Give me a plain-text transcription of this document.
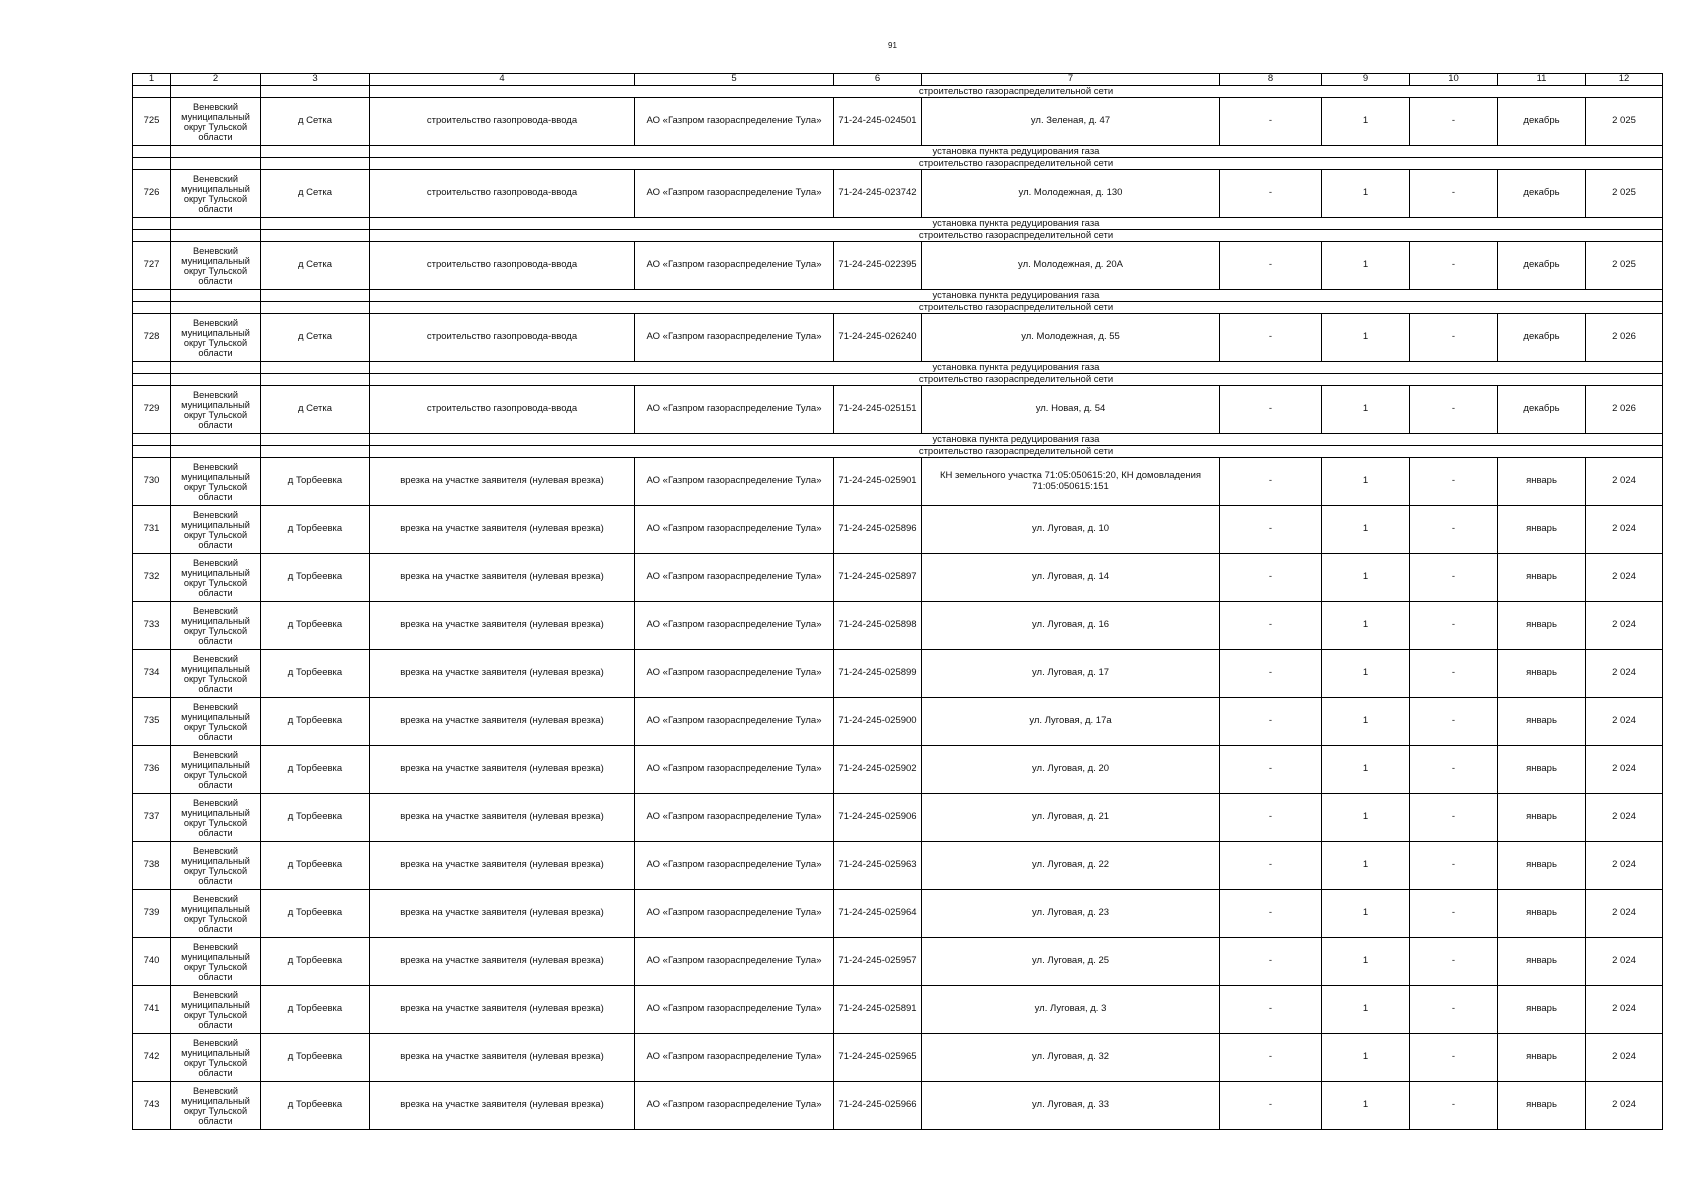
91
1	2	3	4	5	6	7	8	9	10	11	12
			строительство газораспределительной сети								
725	Веневский муниципальный округ Тульской области	д Сетка	строительство газопровода-ввода	АО «Газпром газораспределение Тула»	71-24-245-024501	ул. Зеленая, д. 47	-	1	-	декабрь	2 025
			установка пункта редуцирования газа								
			строительство газораспределительной сети								
726	Веневский муниципальный округ Тульской области	д Сетка	строительство газопровода-ввода	АО «Газпром газораспределение Тула»	71-24-245-023742	ул. Молодежная, д. 130	-	1	-	декабрь	2 025
			установка пункта редуцирования газа								
			строительство газораспределительной сети								
727	Веневский муниципальный округ Тульской области	д Сетка	строительство газопровода-ввода	АО «Газпром газораспределение Тула»	71-24-245-022395	ул. Молодежная, д. 20А	-	1	-	декабрь	2 025
			установка пункта редуцирования газа								
			строительство газораспределительной сети								
728	Веневский муниципальный округ Тульской области	д Сетка	строительство газопровода-ввода	АО «Газпром газораспределение Тула»	71-24-245-026240	ул. Молодежная, д. 55	-	1	-	декабрь	2 026
			установка пункта редуцирования газа								
			строительство газораспределительной сети								
729	Веневский муниципальный округ Тульской области	д Сетка	строительство газопровода-ввода	АО «Газпром газораспределение Тула»	71-24-245-025151	ул. Новая, д. 54	-	1	-	декабрь	2 026
			установка пункта редуцирования газа								
			строительство газораспределительной сети								
730	Веневский муниципальный округ Тульской области	д Торбеевка	врезка на участке заявителя (нулевая врезка)	АО «Газпром газораспределение Тула»	71-24-245-025901	КН земельного участка 71:05:050615:20, КН домовладения 71:05:050615:151	-	1	-	январь	2 024
731	Веневский муниципальный округ Тульской области	д Торбеевка	врезка на участке заявителя (нулевая врезка)	АО «Газпром газораспределение Тула»	71-24-245-025896	ул. Луговая, д. 10	-	1	-	январь	2 024
732	Веневский муниципальный округ Тульской области	д Торбеевка	врезка на участке заявителя (нулевая врезка)	АО «Газпром газораспределение Тула»	71-24-245-025897	ул. Луговая, д. 14	-	1	-	январь	2 024
733	Веневский муниципальный округ Тульской области	д Торбеевка	врезка на участке заявителя (нулевая врезка)	АО «Газпром газораспределение Тула»	71-24-245-025898	ул. Луговая, д. 16	-	1	-	январь	2 024
734	Веневский муниципальный округ Тульской области	д Торбеевка	врезка на участке заявителя (нулевая врезка)	АО «Газпром газораспределение Тула»	71-24-245-025899	ул. Луговая, д. 17	-	1	-	январь	2 024
735	Веневский муниципальный округ Тульской области	д Торбеевка	врезка на участке заявителя (нулевая врезка)	АО «Газпром газораспределение Тула»	71-24-245-025900	ул. Луговая, д. 17а	-	1	-	январь	2 024
736	Веневский муниципальный округ Тульской области	д Торбеевка	врезка на участке заявителя (нулевая врезка)	АО «Газпром газораспределение Тула»	71-24-245-025902	ул. Луговая, д. 20	-	1	-	январь	2 024
737	Веневский муниципальный округ Тульской области	д Торбеевка	врезка на участке заявителя (нулевая врезка)	АО «Газпром газораспределение Тула»	71-24-245-025906	ул. Луговая, д. 21	-	1	-	январь	2 024
738	Веневский муниципальный округ Тульской области	д Торбеевка	врезка на участке заявителя (нулевая врезка)	АО «Газпром газораспределение Тула»	71-24-245-025963	ул. Луговая, д. 22	-	1	-	январь	2 024
739	Веневский муниципальный округ Тульской области	д Торбеевка	врезка на участке заявителя (нулевая врезка)	АО «Газпром газораспределение Тула»	71-24-245-025964	ул. Луговая, д. 23	-	1	-	январь	2 024
740	Веневский муниципальный округ Тульской области	д Торбеевка	врезка на участке заявителя (нулевая врезка)	АО «Газпром газораспределение Тула»	71-24-245-025957	ул. Луговая, д. 25	-	1	-	январь	2 024
741	Веневский муниципальный округ Тульской области	д Торбеевка	врезка на участке заявителя (нулевая врезка)	АО «Газпром газораспределение Тула»	71-24-245-025891	ул. Луговая, д. 3	-	1	-	январь	2 024
742	Веневский муниципальный округ Тульской области	д Торбеевка	врезка на участке заявителя (нулевая врезка)	АО «Газпром газораспределение Тула»	71-24-245-025965	ул. Луговая, д. 32	-	1	-	январь	2 024
743	Веневский муниципальный округ Тульской области	д Торбеевка	врезка на участке заявителя (нулевая врезка)	АО «Газпром газораспределение Тула»	71-24-245-025966	ул. Луговая, д. 33	-	1	-	январь	2 024
